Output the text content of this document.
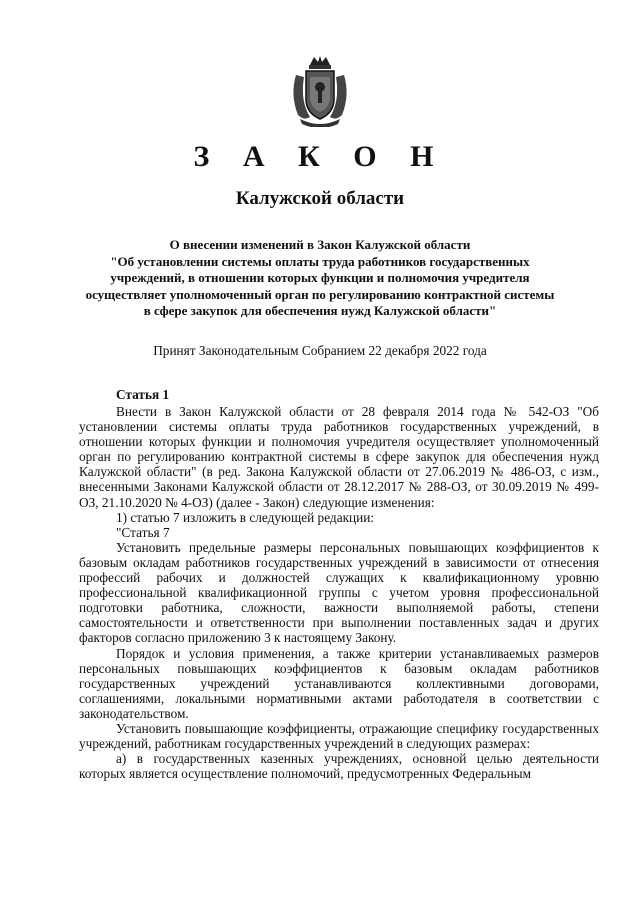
З А К О Н
Калужской области
О внесении изменений в Закон Калужской области
"Об установлении системы оплаты труда работников государственных
учреждений, в отношении которых функции и полномочия учредителя
осуществляет уполномоченный орган по регулированию контрактной системы
в сфере закупок для обеспечения нужд Калужской области"
Принят Законодательным Собранием 22 декабря 2022 года
Статья 1

Внести в Закон Калужской области от 28 февраля 2014 года № 542-ОЗ "Об установлении системы оплаты труда работников государственных учреждений, в отношении которых функции и полномочия учредителя осуществляет уполномоченный орган по регулированию контрактной системы в сфере закупок для обеспечения нужд Калужской области" (в ред. Закона Калужской области от 27.06.2019 № 486-ОЗ, с изм., внесенными Законами Калужской области от 28.12.2017 № 288-ОЗ, от 30.09.2019 № 499-ОЗ, 21.10.2020 № 4-ОЗ) (далее - Закон) следующие изменения:

1) статью 7 изложить в следующей редакции:

"Статья 7

Установить предельные размеры персональных повышающих коэффициентов к базовым окладам работников государственных учреждений в зависимости от отнесения профессий рабочих и должностей служащих к квалификационному уровню профессиональной квалификационной группы с учетом уровня профессиональной подготовки работника, сложности, важности выполняемой работы, степени самостоятельности и ответственности при выполнении поставленных задач и других факторов согласно приложению 3 к настоящему Закону.

Порядок и условия применения, а также критерии устанавливаемых размеров персональных повышающих коэффициентов к базовым окладам работников государственных учреждений устанавливаются коллективными договорами, соглашениями, локальными нормативными актами работодателя в соответствии с законодательством.

Установить повышающие коэффициенты, отражающие специфику государственных учреждений, работникам государственных учреждений в следующих размерах:

а) в государственных казенных учреждениях, основной целью деятельности которых является осуществление полномочий, предусмотренных Федеральным
